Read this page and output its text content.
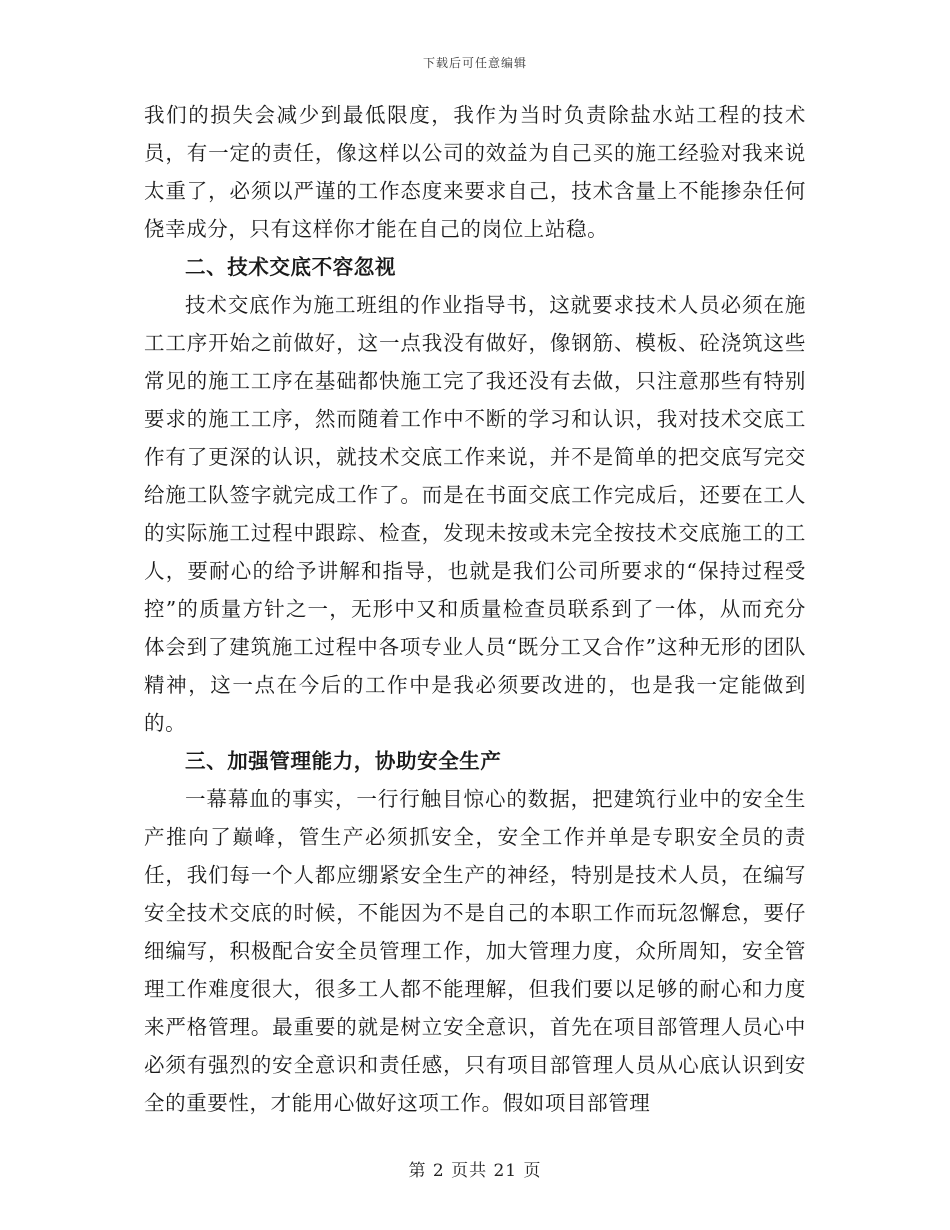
下载后可任意编辑

我们的损失会减少到最低限度，我作为当时负责除盐水站工程的技术员，有一定的责任，像这样以公司的效益为自己买的施工经验对我来说太重了，必须以严谨的工作态度来要求自己，技术含量上不能掺杂任何侥幸成分，只有这样你才能在自己的岗位上站稳。

二、技术交底不容忽视

技术交底作为施工班组的作业指导书，这就要求技术人员必须在施工工序开始之前做好，这一点我没有做好，像钢筋、模板、砼浇筑这些常见的施工工序在基础都快施工完了我还没有去做，只注意那些有特别要求的施工工序，然而随着工作中不断的学习和认识，我对技术交底工作有了更深的认识，就技术交底工作来说，并不是简单的把交底写完交给施工队签字就完成工作了。而是在书面交底工作完成后，还要在工人的实际施工过程中跟踪、检查，发现未按或未完全按技术交底施工的工人，要耐心的给予讲解和指导，也就是我们公司所要求的“保持过程受控”的质量方针之一，无形中又和质量检查员联系到了一体，从而充分体会到了建筑施工过程中各项专业人员“既分工又合作”这种无形的团队精神，这一点在今后的工作中是我必须要改进的，也是我一定能做到的。

三、加强管理能力，协助安全生产

一幕幕血的事实，一行行触目惊心的数据，把建筑行业中的安全生产推向了巅峰，管生产必须抓安全，安全工作并单是专职安全员的责任，我们每一个人都应绷紧安全生产的神经，特别是技术人员，在编写安全技术交底的时候，不能因为不是自己的本职工作而玩忽懈怠，要仔细编写，积极配合安全员管理工作，加大管理力度，众所周知，安全管理工作难度很大，很多工人都不能理解，但我们要以足够的耐心和力度来严格管理。最重要的就是树立安全意识，首先在项目部管理人员心中必须有强烈的安全意识和责任感，只有项目部管理人员从心底认识到安全的重要性，才能用心做好这项工作。假如项目部管理

第 2 页共 21 页
